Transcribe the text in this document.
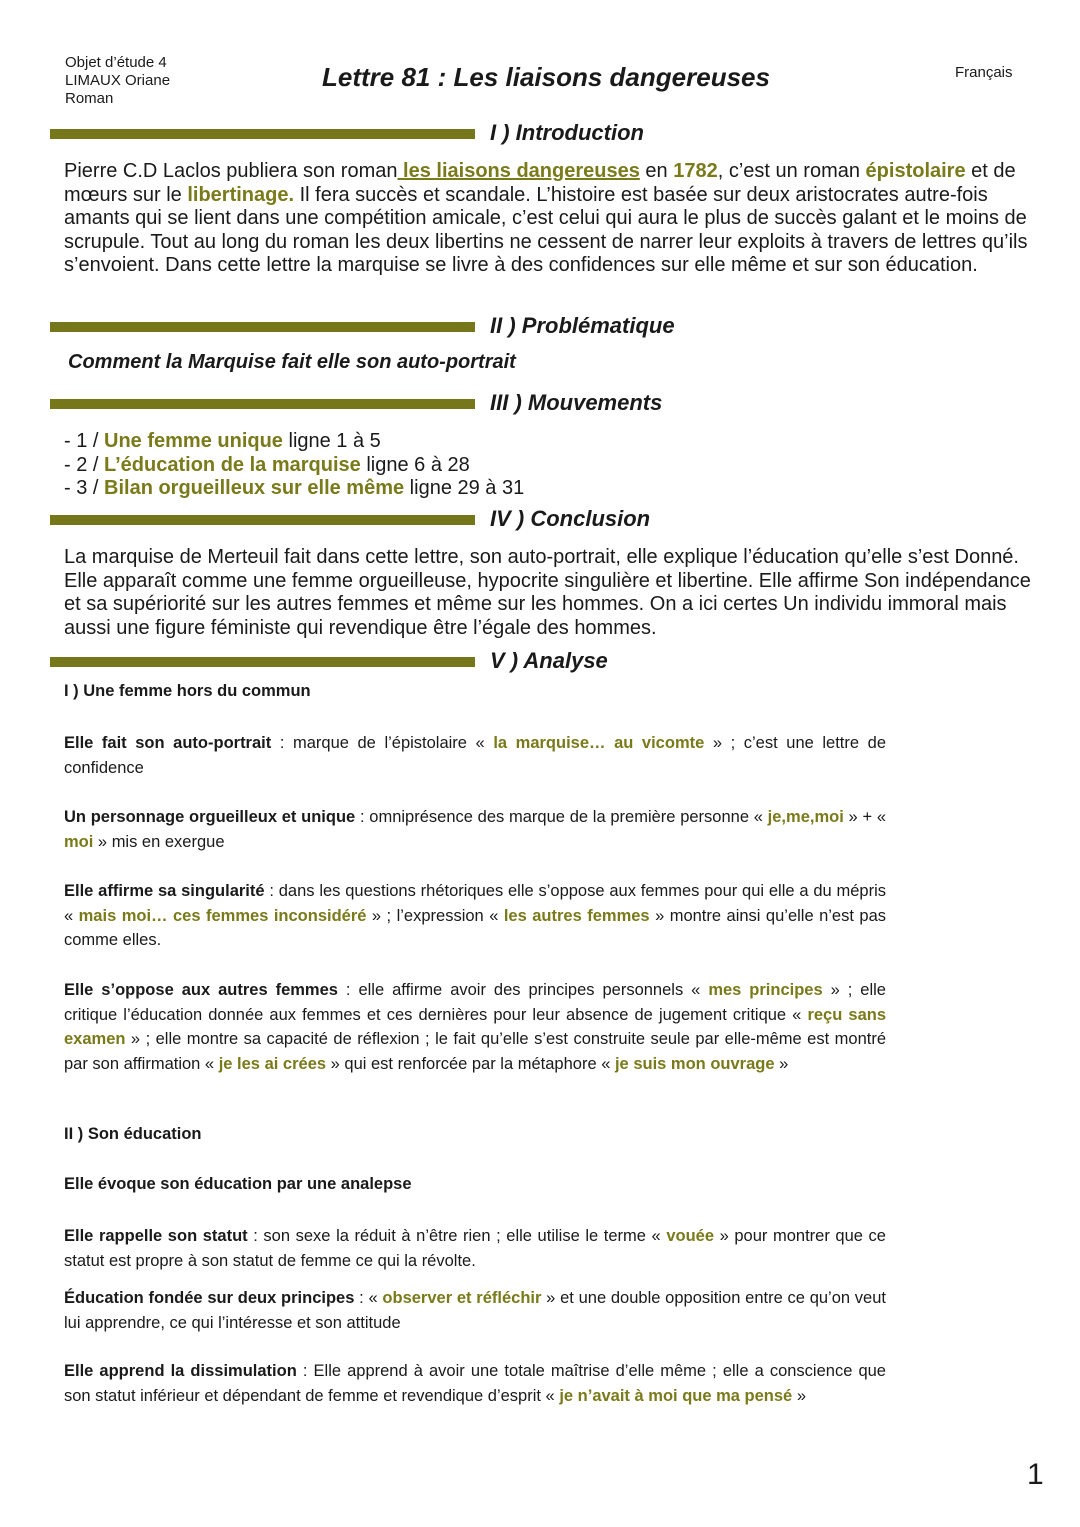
Objet d’étude 4
LIMAUX Oriane
Roman
Lettre 81 : Les liaisons dangereuses	Français
I ) Introduction
Pierre C.D Laclos publiera son roman les liaisons dangereuses en 1782, c’est un roman épistolaire et de mœurs sur le libertinage. Il fera succès et scandale. L’histoire est basée sur deux aristocrates autre-fois amants qui se lient dans une compétition amicale, c’est celui qui aura le plus de succès galant et le moins de scrupule. Tout au long du roman les deux libertins ne cessent de narrer leur exploits à travers de lettres qu’ils s’envoient. Dans cette lettre la marquise se livre à des confidences sur elle même et sur son éducation.
II ) Problématique
Comment la Marquise fait elle son auto-portrait
III ) Mouvements
- 1 / Une femme unique ligne 1 à 5
- 2 / L’éducation de la marquise ligne 6 à 28
- 3 / Bilan orgueilleux sur elle même ligne 29 à 31
IV ) Conclusion
La marquise de Merteuil fait dans cette lettre, son auto-portrait, elle explique l’éducation qu’elle s’est Donné. Elle apparaît comme une femme orgueilleuse, hypocrite singulière et libertine. Elle affirme Son indépendance et sa supériorité sur les autres femmes et même sur les hommes. On a ici certes Un individu immoral mais aussi une figure féministe qui revendique être l’égale des hommes.
V ) Analyse
I ) Une femme hors du commun
Elle fait son auto-portrait : marque de l’épistolaire « la marquise… au vicomte » ; c’est une lettre de confidence
Un personnage orgueilleux et unique : omniprésence des marque de la première personne « je,me,moi » + « moi » mis en exergue
Elle affirme sa singularité : dans les questions rhétoriques elle s’oppose aux femmes pour qui elle a du mépris « mais moi… ces femmes inconsidéré » ; l’expression « les autres femmes » montre ainsi qu’elle n’est pas comme elles.
Elle s’oppose aux autres femmes : elle affirme avoir des principes personnels « mes principes » ; elle critique l’éducation donnée aux femmes et ces dernières pour leur absence de jugement critique « reçu sans examen » ; elle montre sa capacité de réflexion ; le fait qu’elle s’est construite seule par elle-même est montré par son affirmation « je les ai crées » qui est renforcée par la métaphore « je suis mon ouvrage »
II ) Son éducation
Elle évoque son éducation par une analepse
Elle rappelle son statut : son sexe la réduit à n’être rien ; elle utilise le terme « vouée » pour montrer que ce statut est propre à son statut de femme ce qui la révolte.
Éducation fondée sur deux principes : « observer et réfléchir » et une double opposition entre ce qu’on veut lui apprendre, ce qui l’intéresse et son attitude
Elle apprend la dissimulation : Elle apprend à avoir une totale maîtrise d’elle même ; elle a conscience que son statut inférieur et dépendant de femme et revendique d’esprit « je n’avait à moi que ma pensé »
1
